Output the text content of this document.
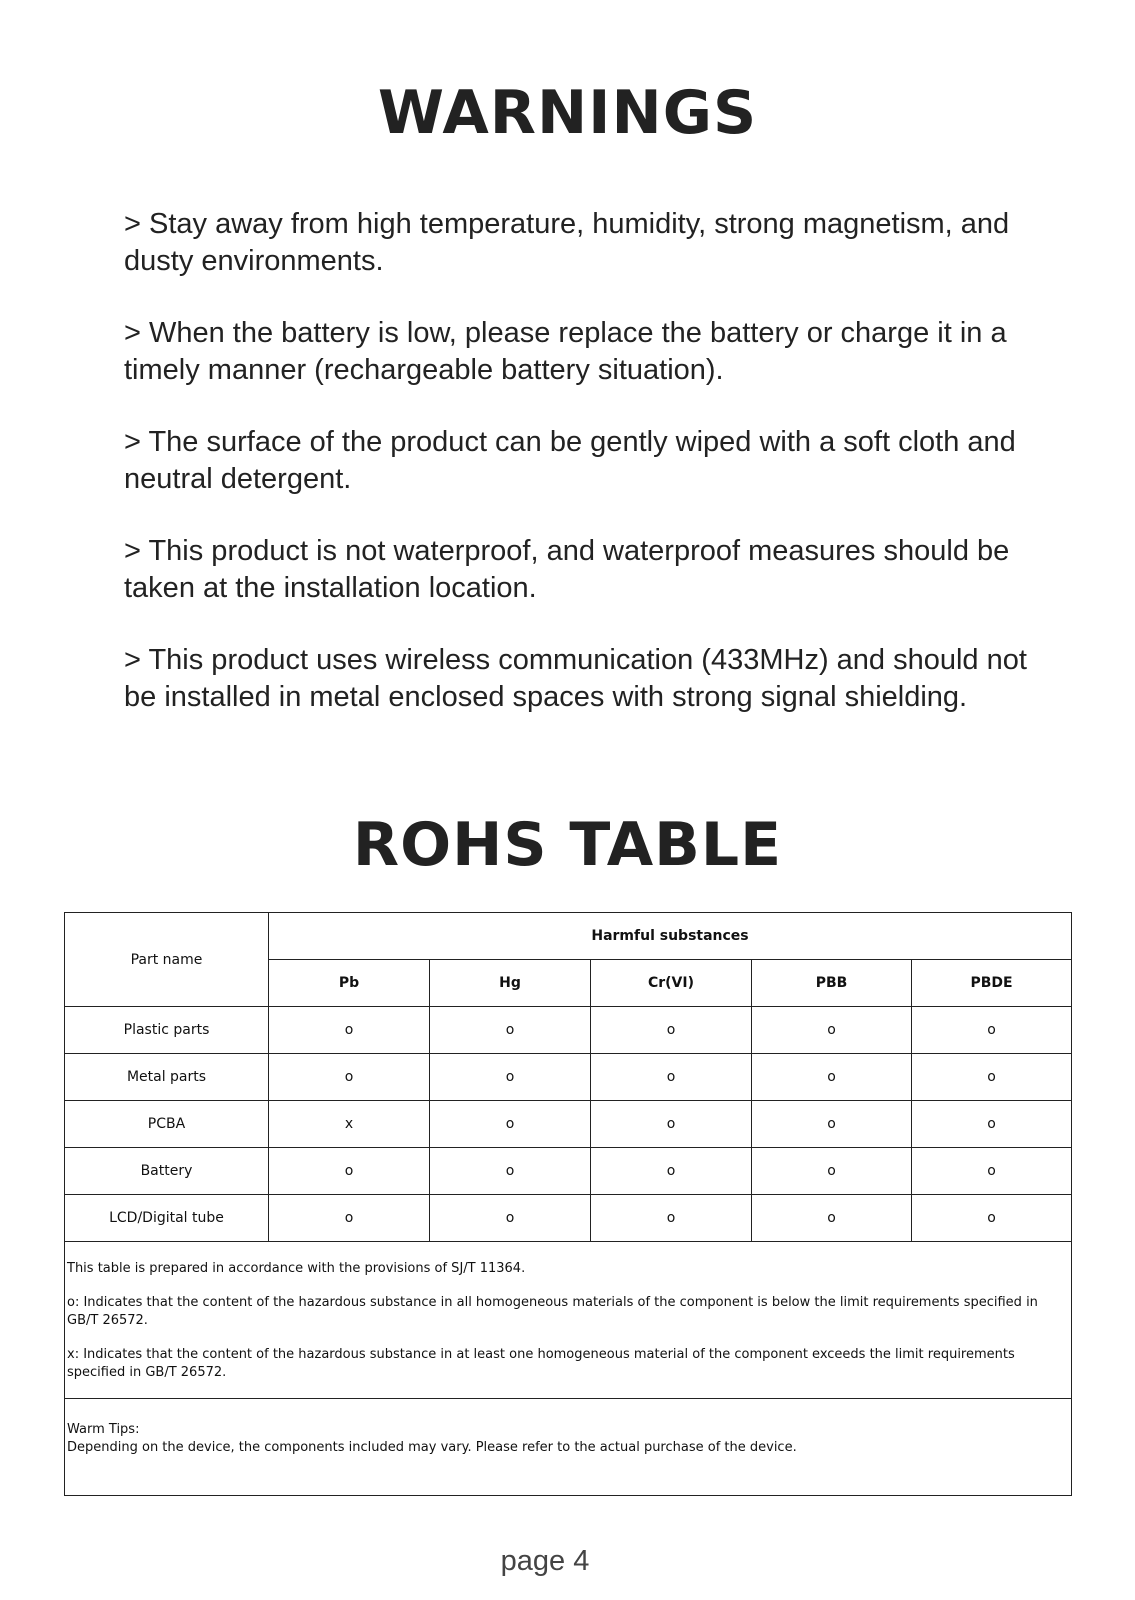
WARNINGS
> Stay away from high temperature, humidity, strong magnetism, and dusty environments.
> When the battery is low, please replace the battery or charge it in a timely manner (rechargeable battery situation).
> The surface of the product can be gently wiped with a soft cloth and neutral detergent.
> This product is not waterproof, and waterproof measures should be taken at the installation location.
> This product uses wireless communication (433MHz) and should not be installed in metal enclosed spaces with strong signal shielding.
ROHS TABLE
Part name	Harmful substances				
	Pb	Hg	Cr(VI)	PBB	PBDE
Plastic parts	o	o	o	o	o
Metal parts	o	o	o	o	o
PCBA	x	o	o	o	o
Battery	o	o	o	o	o
LCD/Digital tube	o	o	o	o	o

This table is prepared in accordance with the provisions of SJ/T 11364.

o: Indicates that the content of the hazardous substance in all homogeneous materials of the component is below the limit requirements specified in GB/T 26572.

x: Indicates that the content of the hazardous substance in at least one homogeneous material of the component exceeds the limit requirements specified in GB/T 26572.					

Warm Tips:
Depending on the device, the components included may vary. Please refer to the actual purchase of the device.					
page 4
